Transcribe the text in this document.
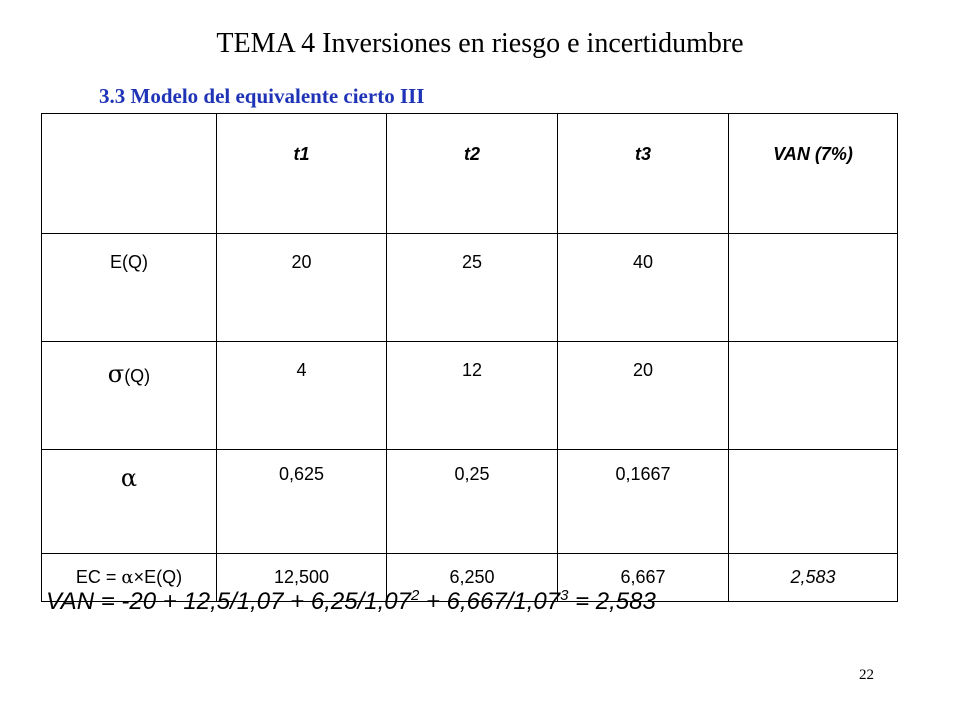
TEMA 4 Inversiones en riesgo e incertidumbre
3.3 Modelo del equivalente cierto III
	t1	t2	t3	VAN (7%)
E(Q)	20	25	40	
σ(Q)	4	12	20	
α	0,625	0,25	0,1667	
EC = α×E(Q)	12,500	6,250	6,667	2,583
VAN = $-20 + 12,5/1,07 + 6,25/1,07^2 + 6,667/1,07^3 = 2,583$
22
